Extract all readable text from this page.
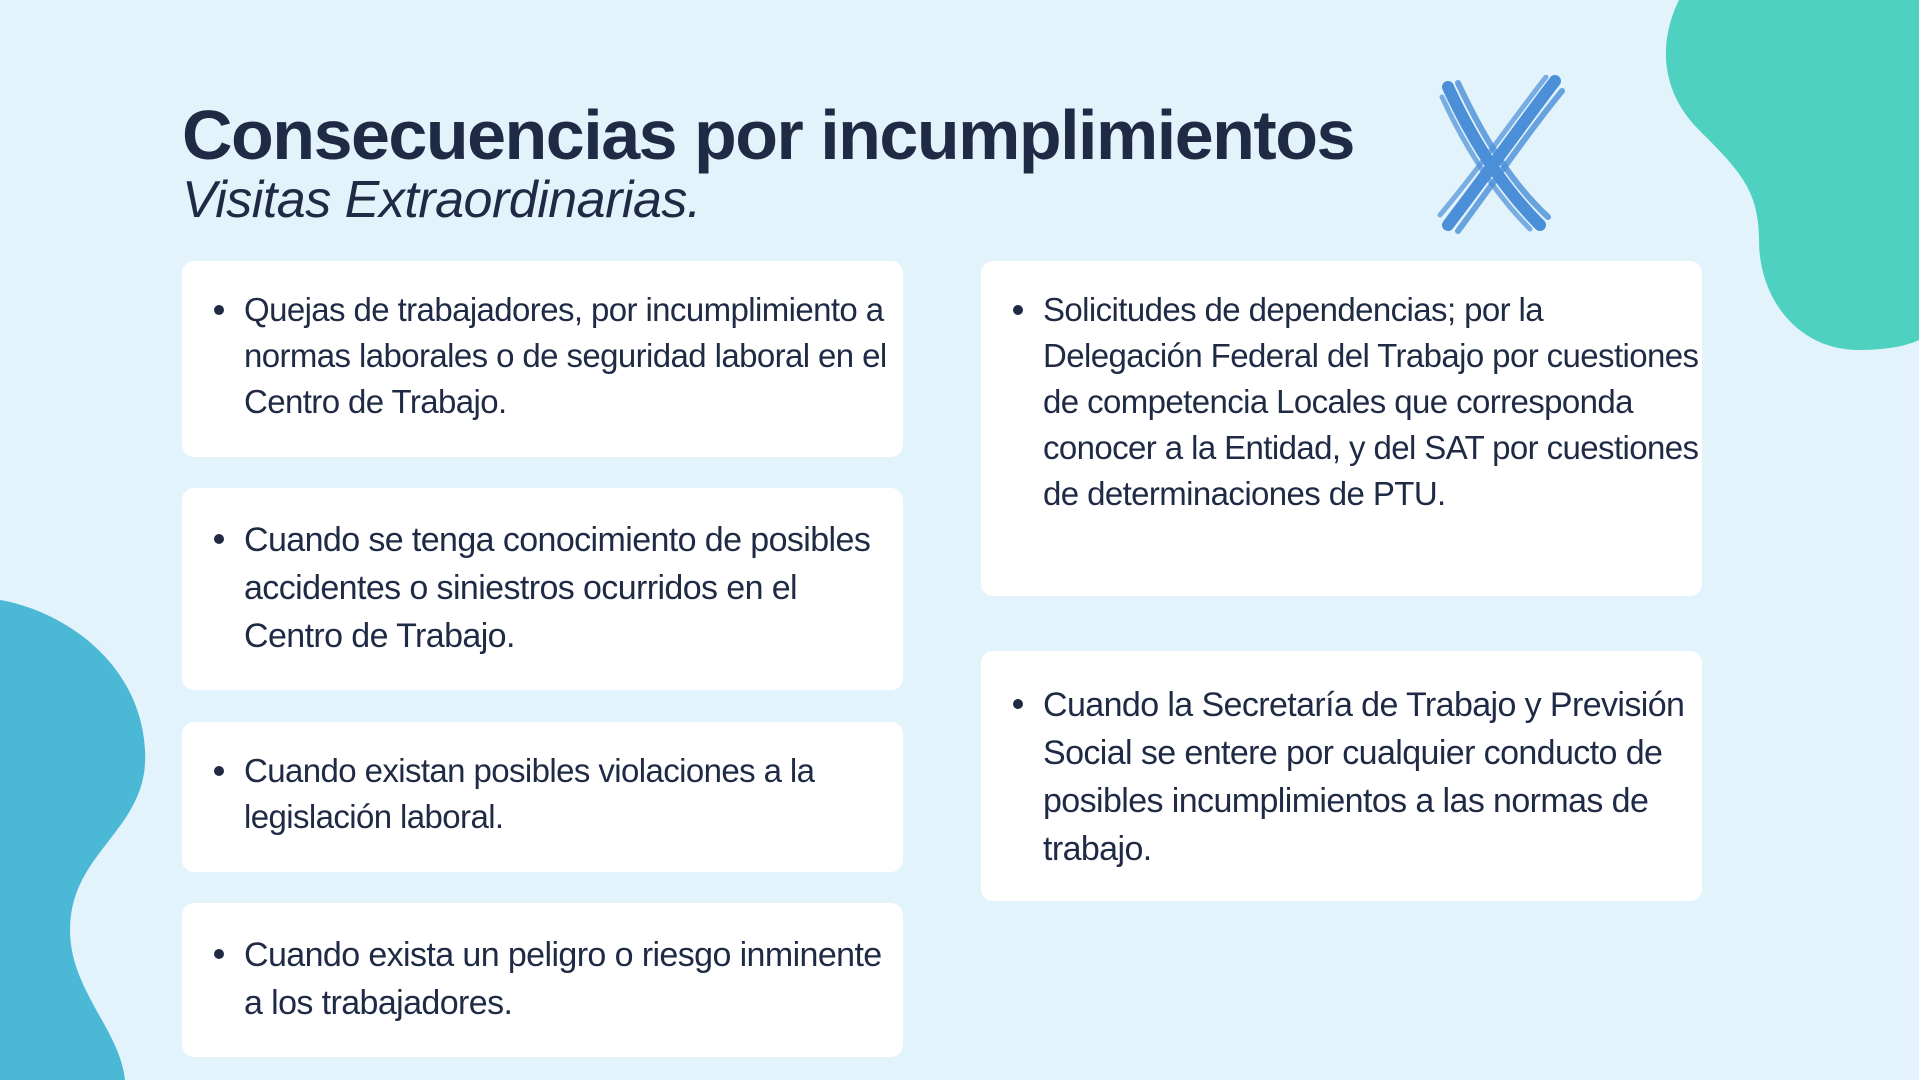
Consecuencias por incumplimientos
Visitas Extraordinarias.
Quejas de trabajadores, por incumplimiento a normas laborales o de seguridad laboral en el Centro de Trabajo.
Cuando se tenga conocimiento de posibles accidentes o siniestros ocurridos en el Centro de Trabajo.
Cuando existan posibles violaciones a la legislación laboral.
Cuando exista un peligro o riesgo inminente a los trabajadores.
Solicitudes de dependencias; por la Delegación Federal del Trabajo por cuestiones de competencia Locales que corresponda conocer a la Entidad, y del SAT por cuestiones de determinaciones de PTU.
Cuando la Secretaría de Trabajo y Previsión Social se entere por cualquier conducto de posibles incumplimientos a las normas de trabajo.
